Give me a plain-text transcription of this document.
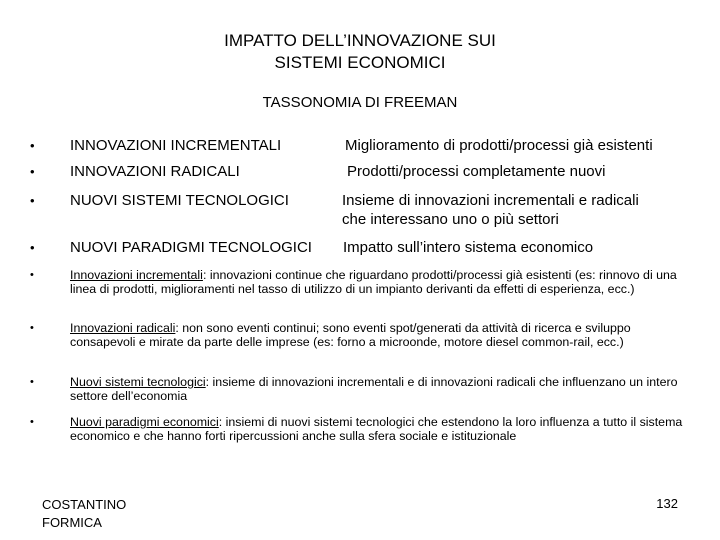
IMPATTO DELL’INNOVAZIONE SUI
SISTEMI ECONOMICI
TASSONOMIA DI FREEMAN
• INNOVAZIONI INCREMENTALI	Miglioramento di prodotti/processi già esistenti
• INNOVAZIONI RADICALI	Prodotti/processi completamente nuovi
• NUOVI SISTEMI TECNOLOGICI	Insieme di innovazioni incrementali e radicali
che interessano uno o più settori
• NUOVI PARADIGMI TECNOLOGICI Impatto sull’intero sistema economico
•	Innovazioni incrementali: innovazioni continue che riguardano prodotti/processi già esistenti (es: rinnovo di una linea di prodotti, miglioramenti nel tasso di utilizzo di un impianto derivanti da effetti di esperienza, ecc.)
•	Innovazioni radicali: non sono eventi continui; sono eventi spot/generati da attività di ricerca e sviluppo consapevoli e mirate da parte delle imprese (es: forno a microonde, motore diesel common-rail, ecc.)
•	Nuovi sistemi tecnologici: insieme di innovazioni incrementali e di innovazioni radicali che influenzano un intero settore dell’economia
•	Nuovi paradigmi economici: insiemi di nuovi sistemi tecnologici che estendono la loro influenza a tutto il sistema economico e che hanno forti ripercussioni anche sulla sfera sociale e istituzionale
COSTANTINO
FORMICA
132
